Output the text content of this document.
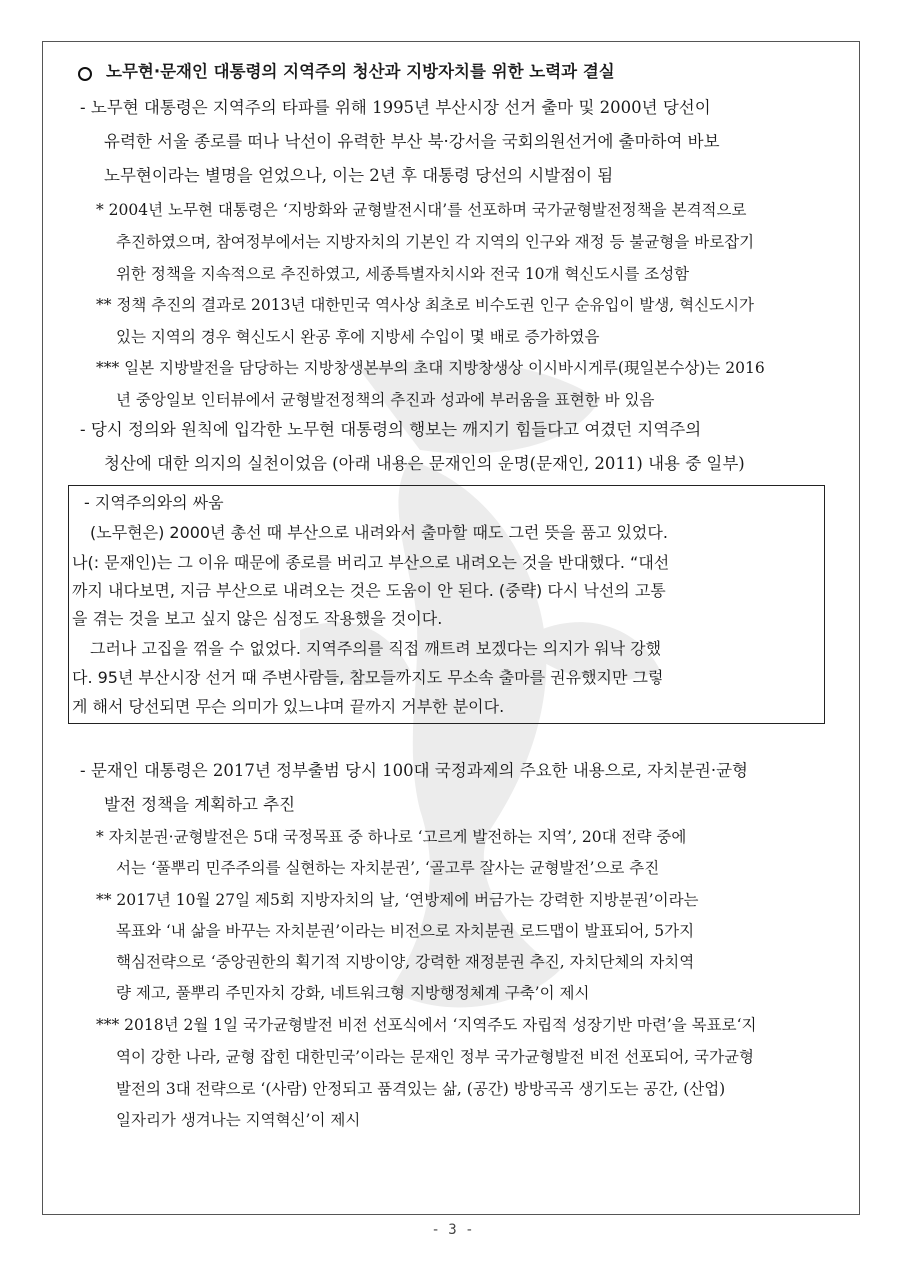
노무현·문재인 대통령의 지역주의 청산과 지방자치를 위한 노력과 결실
- 노무현 대통령은 지역주의 타파를 위해 1995년 부산시장 선거 출마 및 2000년 당선이
유력한 서울 종로를 떠나 낙선이 유력한 부산 북·강서을 국회의원선거에 출마하여 바보
노무현이라는 별명을 얻었으나, 이는 2년 후 대통령 당선의 시발점이 됨
* 2004년 노무현 대통령은 ‘지방화와 균형발전시대’를 선포하며 국가균형발전정책을 본격적으로
추진하였으며, 참여정부에서는 지방자치의 기본인 각 지역의 인구와 재정 등 불균형을 바로잡기
위한 정책을 지속적으로 추진하였고, 세종특별자치시와 전국 10개 혁신도시를 조성함
** 정책 추진의 결과로 2013년 대한민국 역사상 최초로 비수도권 인구 순유입이 발생, 혁신도시가
있는 지역의 경우 혁신도시 완공 후에 지방세 수입이 몇 배로 증가하였음
*** 일본 지방발전을 담당하는 지방창생본부의 초대 지방창생상 이시바시게루(現일본수상)는 2016
년 중앙일보 인터뷰에서 균형발전정책의 추진과 성과에 부러움을 표현한 바 있음
- 당시 정의와 원칙에 입각한 노무현 대통령의 행보는 깨지기 힘들다고 여겼던 지역주의
청산에 대한 의지의 실천이었음 (아래 내용은 문재인의 운명(문재인, 2011) 내용 중 일부)
- 지역주의와의 싸움
(노무현은) 2000년 총선 때 부산으로 내려와서 출마할 때도 그런 뜻을 품고 있었다.
나(: 문재인)는 그 이유 때문에 종로를 버리고 부산으로 내려오는 것을 반대했다. “대선
까지 내다보면, 지금 부산으로 내려오는 것은 도움이 안 된다. (중략) 다시 낙선의 고통
을 겪는 것을 보고 싶지 않은 심정도 작용했을 것이다.
그러나 고집을 꺾을 수 없었다. 지역주의를 직접 깨트려 보겠다는 의지가 워낙 강했
다. 95년 부산시장 선거 때 주변사람들, 참모들까지도 무소속 출마를 권유했지만 그렇
게 해서 당선되면 무슨 의미가 있느냐며 끝까지 거부한 분이다.
- 문재인 대통령은 2017년 정부출범 당시 100대 국정과제의 주요한 내용으로, 자치분권·균형
발전 정책을 계획하고 추진
* 자치분권·균형발전은 5대 국정목표 중 하나로 ‘고르게 발전하는 지역’, 20대 전략 중에
서는 ‘풀뿌리 민주주의를 실현하는 자치분권’, ‘골고루 잘사는 균형발전’으로 추진
** 2017년 10월 27일 제5회 지방자치의 날, ‘연방제에 버금가는 강력한 지방분권’이라는
목표와 ‘내 삶을 바꾸는 자치분권’이라는 비전으로 자치분권 로드맵이 발표되어, 5가지
핵심전략으로 ‘중앙권한의 획기적 지방이양, 강력한 재정분권 추진, 자치단체의 자치역
량 제고, 풀뿌리 주민자치 강화, 네트워크형 지방행정체계 구축’이 제시
*** 2018년 2월 1일 국가균형발전 비전 선포식에서 ‘지역주도 자립적 성장기반 마련’을 목표로‘지
역이 강한 나라, 균형 잡힌 대한민국’이라는 문재인 정부 국가균형발전 비전 선포되어, 국가균형
발전의 3대 전략으로 ‘(사람) 안정되고 품격있는 삶, (공간) 방방곡곡 생기도는 공간, (산업)
일자리가 생겨나는 지역혁신’이 제시
- 3 -
